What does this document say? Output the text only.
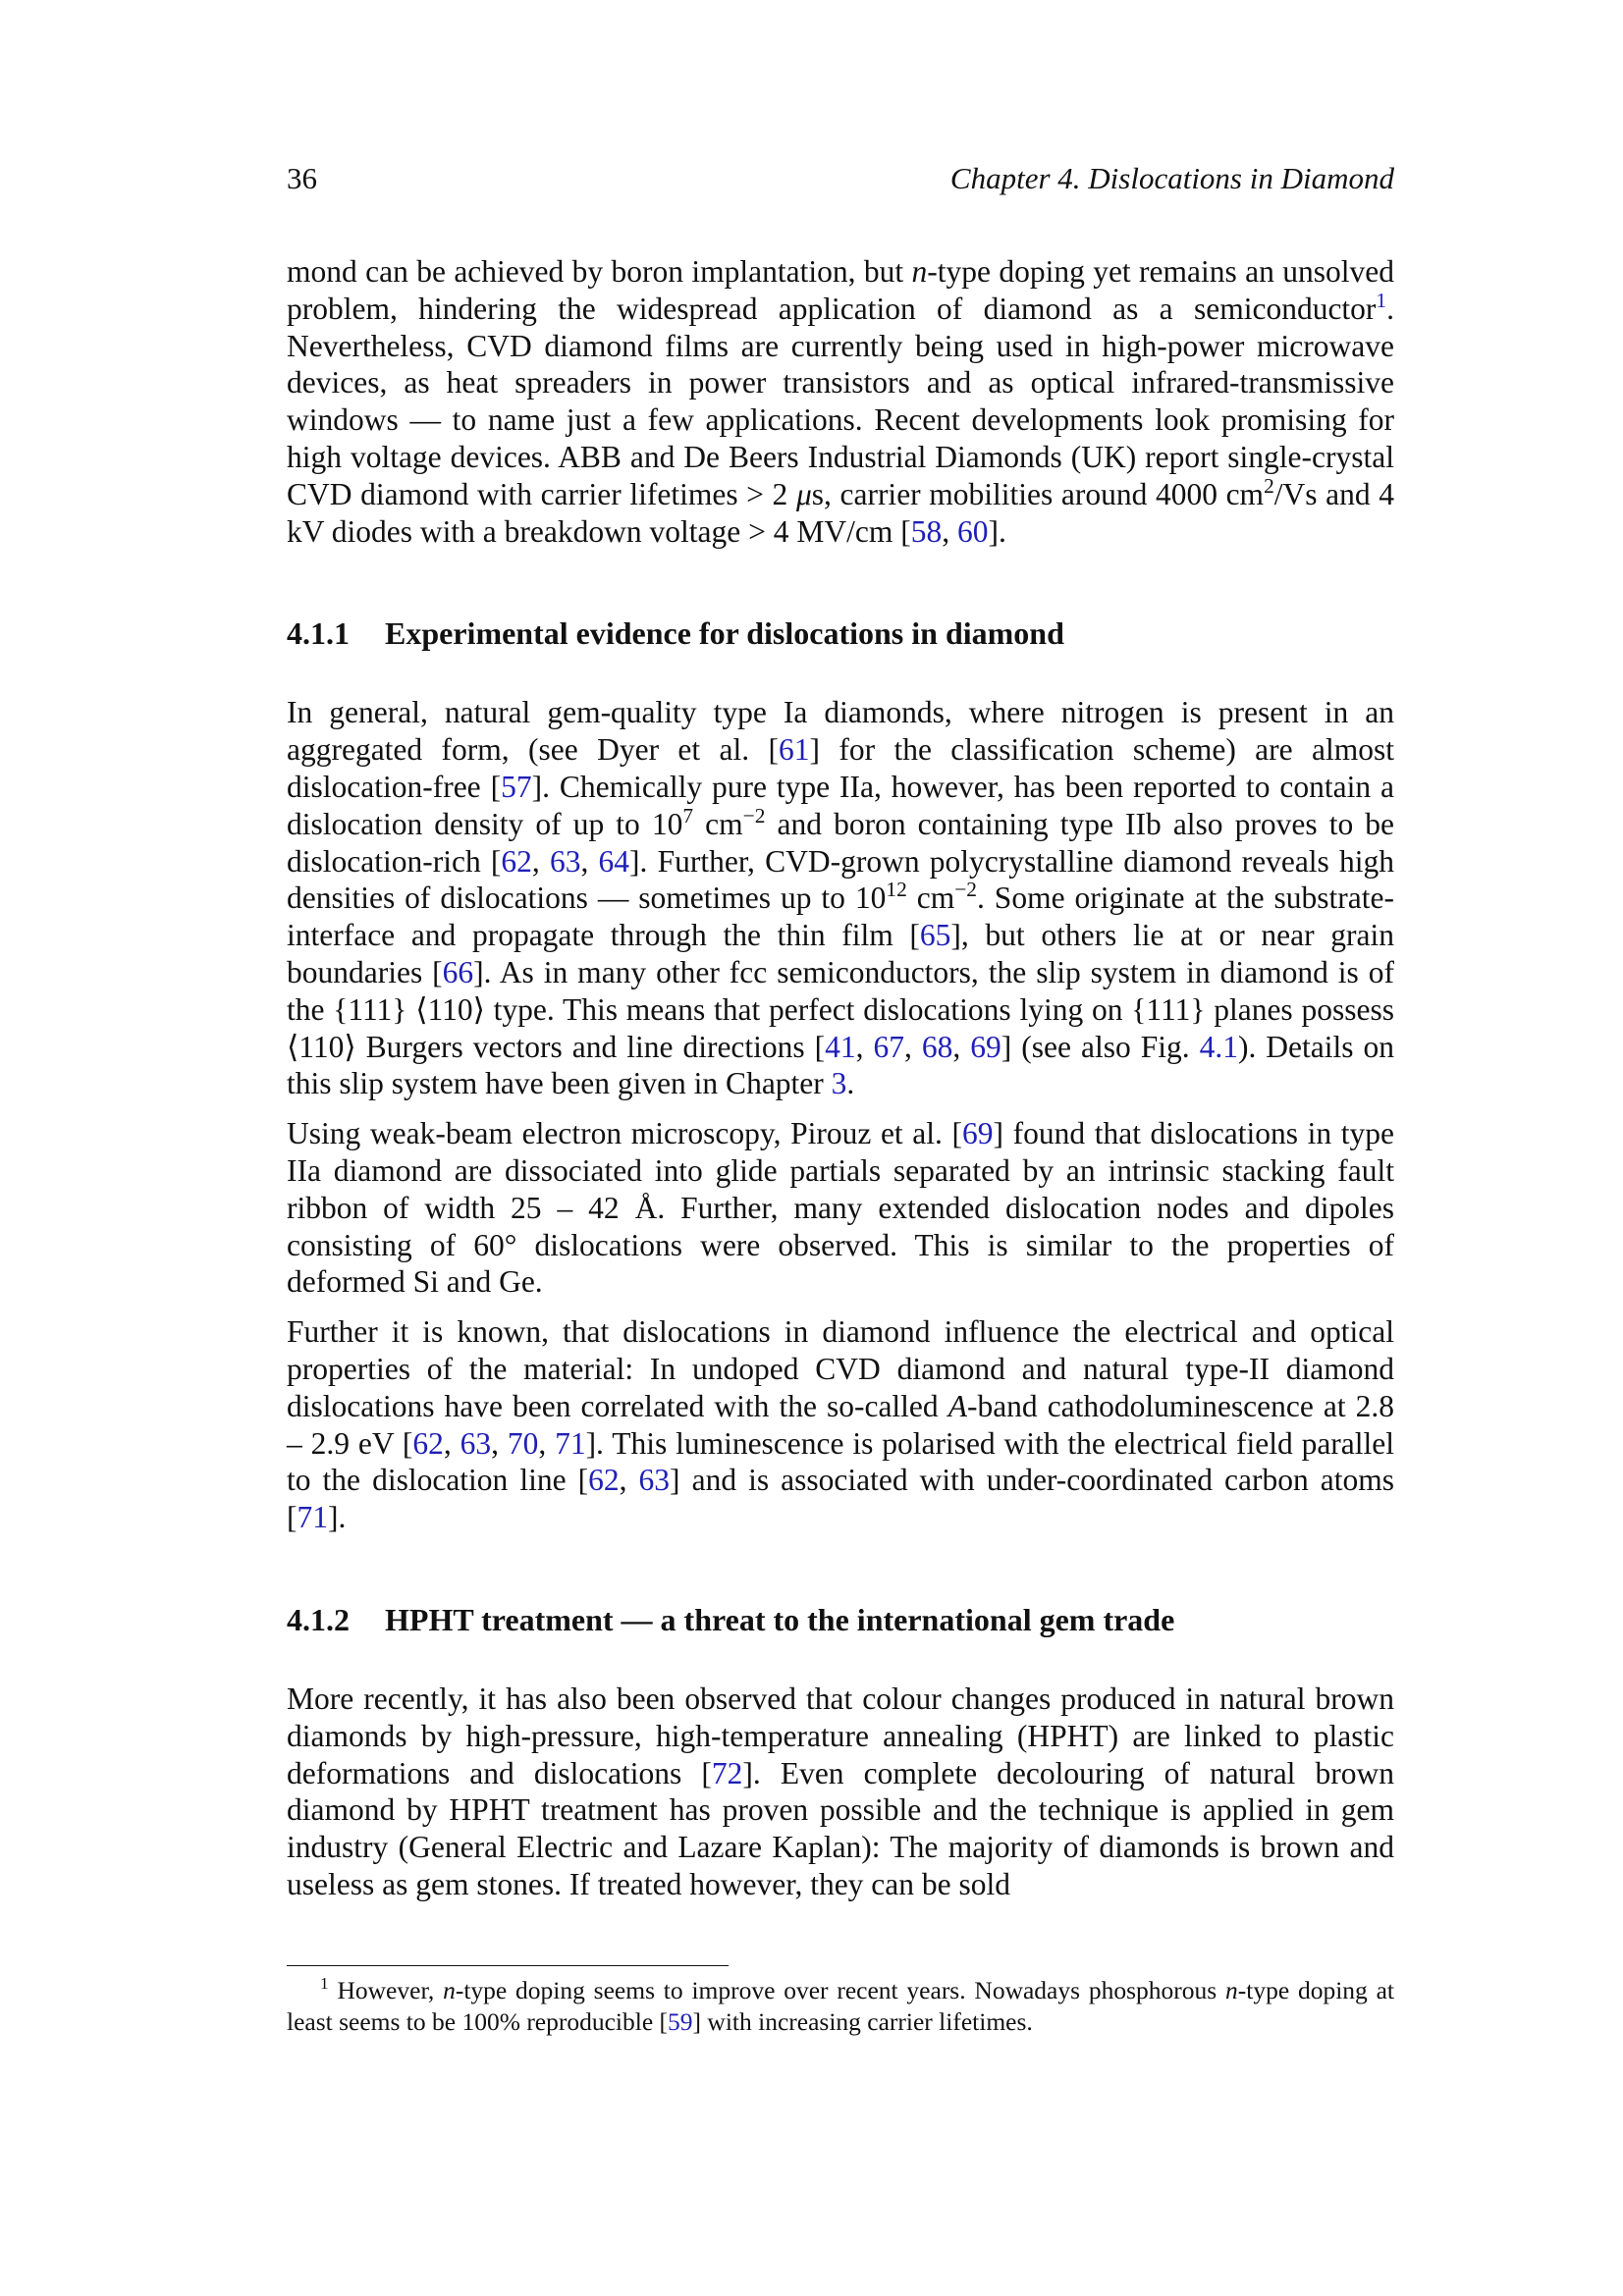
36	Chapter 4. Dislocations in Diamond

mond can be achieved by boron implantation, but n-type doping yet remains an unsolved problem, hindering the widespread application of diamond as a semiconductor$^1$. Nevertheless, CVD diamond films are currently being used in high-power microwave devices, as heat spreaders in power transistors and as optical infrared-transmissive windows — to name just a few applications. Recent developments look promising for high voltage devices. ABB and De Beers Industrial Diamonds (UK) report single-crystal CVD diamond with carrier lifetimes > 2 μs, carrier mobilities around 4000 $cm^2/Vs$ and 4 kV diodes with a breakdown voltage > 4 MV/cm [58, 60].

4.1.1 Experimental evidence for dislocations in diamond

In general, natural gem-quality type Ia diamonds, where nitrogen is present in an aggregated form, (see Dyer et al. [61] for the classification scheme) are almost dislocation-free [57]. Chemically pure type IIa, however, has been reported to contain a dislocation density of up to $10^7$ $cm^{-2}$ and boron containing type IIb also proves to be dislocation-rich [62, 63, 64]. Further, CVD-grown polycrystalline diamond reveals high densities of dislocations — sometimes up to $10^{12}$ $cm^{-2}$. Some originate at the substrate-interface and propagate through the thin film [65], but others lie at or near grain boundaries [66]. As in many other fcc semiconductors, the slip system in diamond is of the {111} ⟨110⟩ type. This means that perfect dislocations lying on {111} planes possess ⟨110⟩ Burgers vectors and line directions [41, 67, 68, 69] (see also Fig. 4.1). Details on this slip system have been given in Chapter 3.

Using weak-beam electron microscopy, Pirouz et al. [69] found that dislocations in type IIa diamond are dissociated into glide partials separated by an intrinsic stacking fault ribbon of width 25 – 42 Å. Further, many extended dislocation nodes and dipoles consisting of 60° dislocations were observed. This is similar to the properties of deformed Si and Ge.

Further it is known, that dislocations in diamond influence the electrical and optical properties of the material: In undoped CVD diamond and natural type-II diamond dislocations have been correlated with the so-called A-band cathodoluminescence at 2.8 – 2.9 eV [62, 63, 70, 71]. This luminescence is polarised with the electrical field parallel to the dislocation line [62, 63] and is associated with under-coordinated carbon atoms [71].

4.1.2 HPHT treatment — a threat to the international gem trade

More recently, it has also been observed that colour changes produced in natural brown diamonds by high-pressure, high-temperature annealing (HPHT) are linked to plastic deformations and dislocations [72]. Even complete decolouring of natural brown diamond by HPHT treatment has proven possible and the technique is applied in gem industry (General Electric and Lazare Kaplan): The majority of diamonds is brown and useless as gem stones. If treated however, they can be sold

$^1$ However, n-type doping seems to improve over recent years. Nowadays phosphorous n-type doping at least seems to be 100% reproducible [59] with increasing carrier lifetimes.
